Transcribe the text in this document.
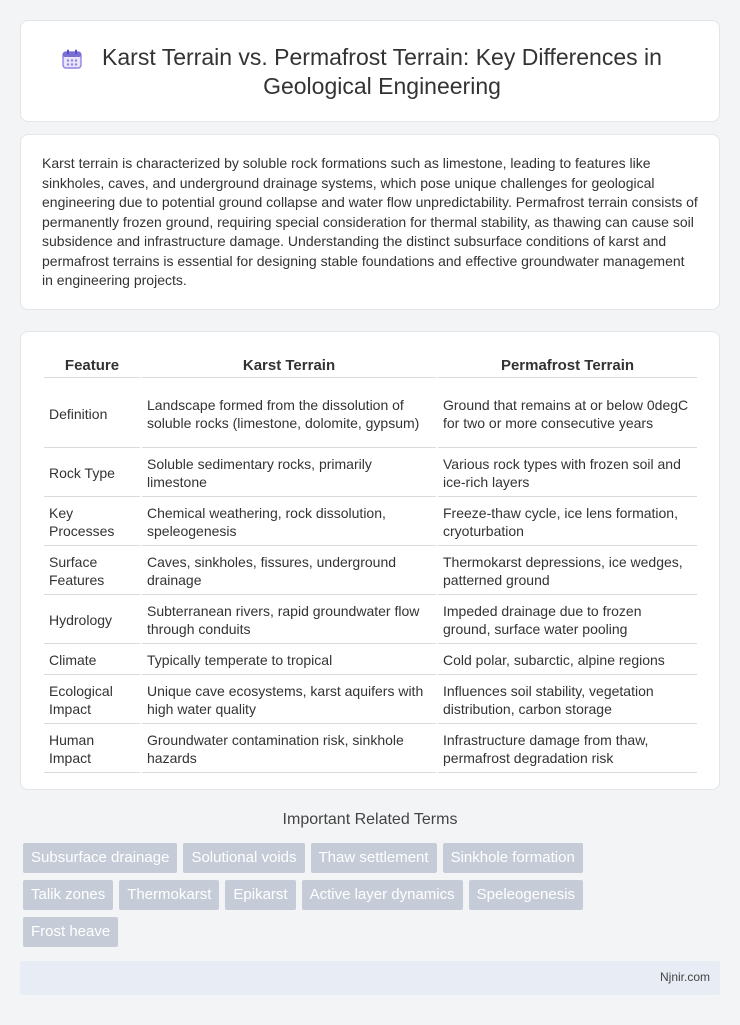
Karst Terrain vs. Permafrost Terrain: Key Differences in Geological Engineering

Karst terrain is characterized by soluble rock formations such as limestone, leading to features like sinkholes, caves, and underground drainage systems, which pose unique challenges for geological engineering due to potential ground collapse and water flow unpredictability. Permafrost terrain consists of permanently frozen ground, requiring special consideration for thermal stability, as thawing can cause soil subsidence and infrastructure damage. Understanding the distinct subsurface conditions of karst and permafrost terrains is essential for designing stable foundations and effective groundwater management in engineering projects.

Feature	Karst Terrain	Permafrost Terrain
Definition	Landscape formed from the dissolution of soluble rocks (limestone, dolomite, gypsum)	Ground that remains at or below 0degC for two or more consecutive years
Rock Type	Soluble sedimentary rocks, primarily limestone	Various rock types with frozen soil and ice-rich layers
Key Processes	Chemical weathering, rock dissolution, speleogenesis	Freeze-thaw cycle, ice lens formation, cryoturbation
Surface Features	Caves, sinkholes, fissures, underground drainage	Thermokarst depressions, ice wedges, patterned ground
Hydrology	Subterranean rivers, rapid groundwater flow through conduits	Impeded drainage due to frozen ground, surface water pooling
Climate	Typically temperate to tropical	Cold polar, subarctic, alpine regions
Ecological Impact	Unique cave ecosystems, karst aquifers with high water quality	Influences soil stability, vegetation distribution, carbon storage
Human Impact	Groundwater contamination risk, sinkhole hazards	Infrastructure damage from thaw, permafrost degradation risk
Important Related Terms
Subsurface drainage	Solutional voids	Thaw settlement	Sinkhole formation
Talik zones	Thermokarst	Epikarst	Active layer dynamics	Speleogenesis
Frost heave
Njnir.com
